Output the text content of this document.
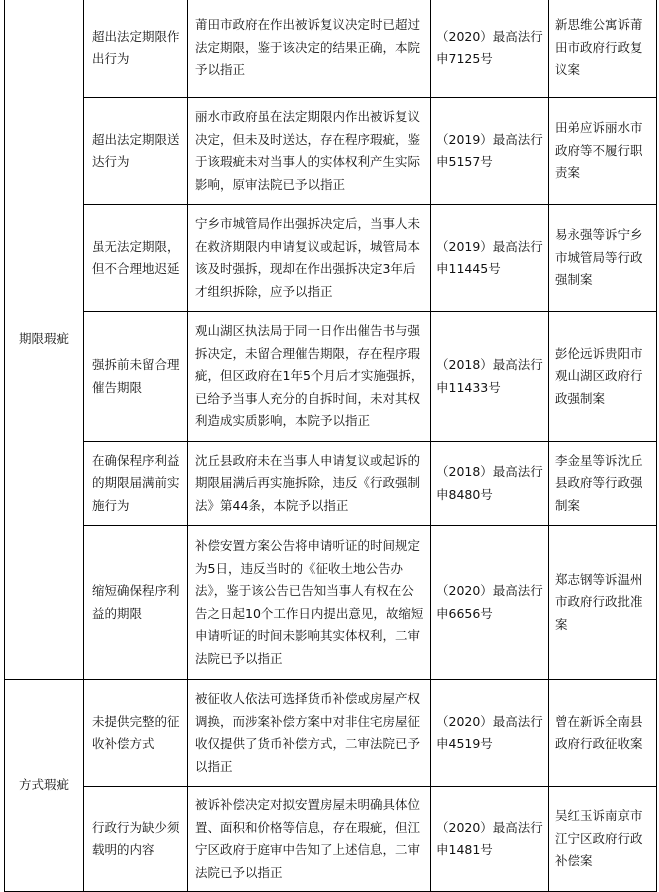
期限瑕疵	超出法定期限作出行为	莆田市政府在作出被诉复议决定时已超过法定期限，鉴于该决定的结果正确，本院予以指正	（2020）最高法行申7125号	新思维公寓诉莆田市政府行政复议案
	超出法定期限送达行为	丽水市政府虽在法定期限内作出被诉复议决定，但未及时送达，存在程序瑕疵，鉴于该瑕疵未对当事人的实体权利产生实际影响，原审法院已予以指正	（2019）最高法行申5157号	田弟应诉丽水市政府等不履行职责案
	虽无法定期限，但不合理地迟延	宁乡市城管局作出强拆决定后，当事人未在救济期限内申请复议或起诉，城管局本该及时强拆，现却在作出强拆决定3年后才组织拆除，应予以指正	（2019）最高法行申11445号	易永强等诉宁乡市城管局等行政强制案
	强拆前未留合理催告期限	观山湖区执法局于同一日作出催告书与强拆决定，未留合理催告期限，存在程序瑕疵，但区政府在1年5个月后才实施强拆，已给予当事人充分的自拆时间，未对其权利造成实质影响，本院予以指正	（2018）最高法行申11433号	彭伦远诉贵阳市观山湖区政府行政强制案
	在确保程序利益的期限届满前实施行为	沈丘县政府未在当事人申请复议或起诉的期限届满后再实施拆除，违反《行政强制法》第44条，本院予以指正	（2018）最高法行申8480号	李金星等诉沈丘县政府等行政强制案
	缩短确保程序利益的期限	补偿安置方案公告将申请听证的时间规定为5日，违反当时的《征收土地公告办法》，鉴于该公告已告知当事人有权在公告之日起10个工作日内提出意见，故缩短申请听证的时间未影响其实体权利，二审法院已予以指正	（2020）最高法行申6656号	郑志钢等诉温州市政府行政批准案
方式瑕疵	未提供完整的征收补偿方式	被征收人依法可选择货币补偿或房屋产权调换，而涉案补偿方案中对非住宅房屋征收仅提供了货币补偿方式，二审法院已予以指正	（2020）最高法行申4519号	曾在新诉全南县政府行政征收案
	行政行为缺少须载明的内容	被诉补偿决定对拟安置房屋未明确具体位置、面积和价格等信息，存在瑕疵，但江宁区政府于庭审中告知了上述信息，二审法院已予以指正	（2020）最高法行申1481号	吴红玉诉南京市江宁区政府行政补偿案
